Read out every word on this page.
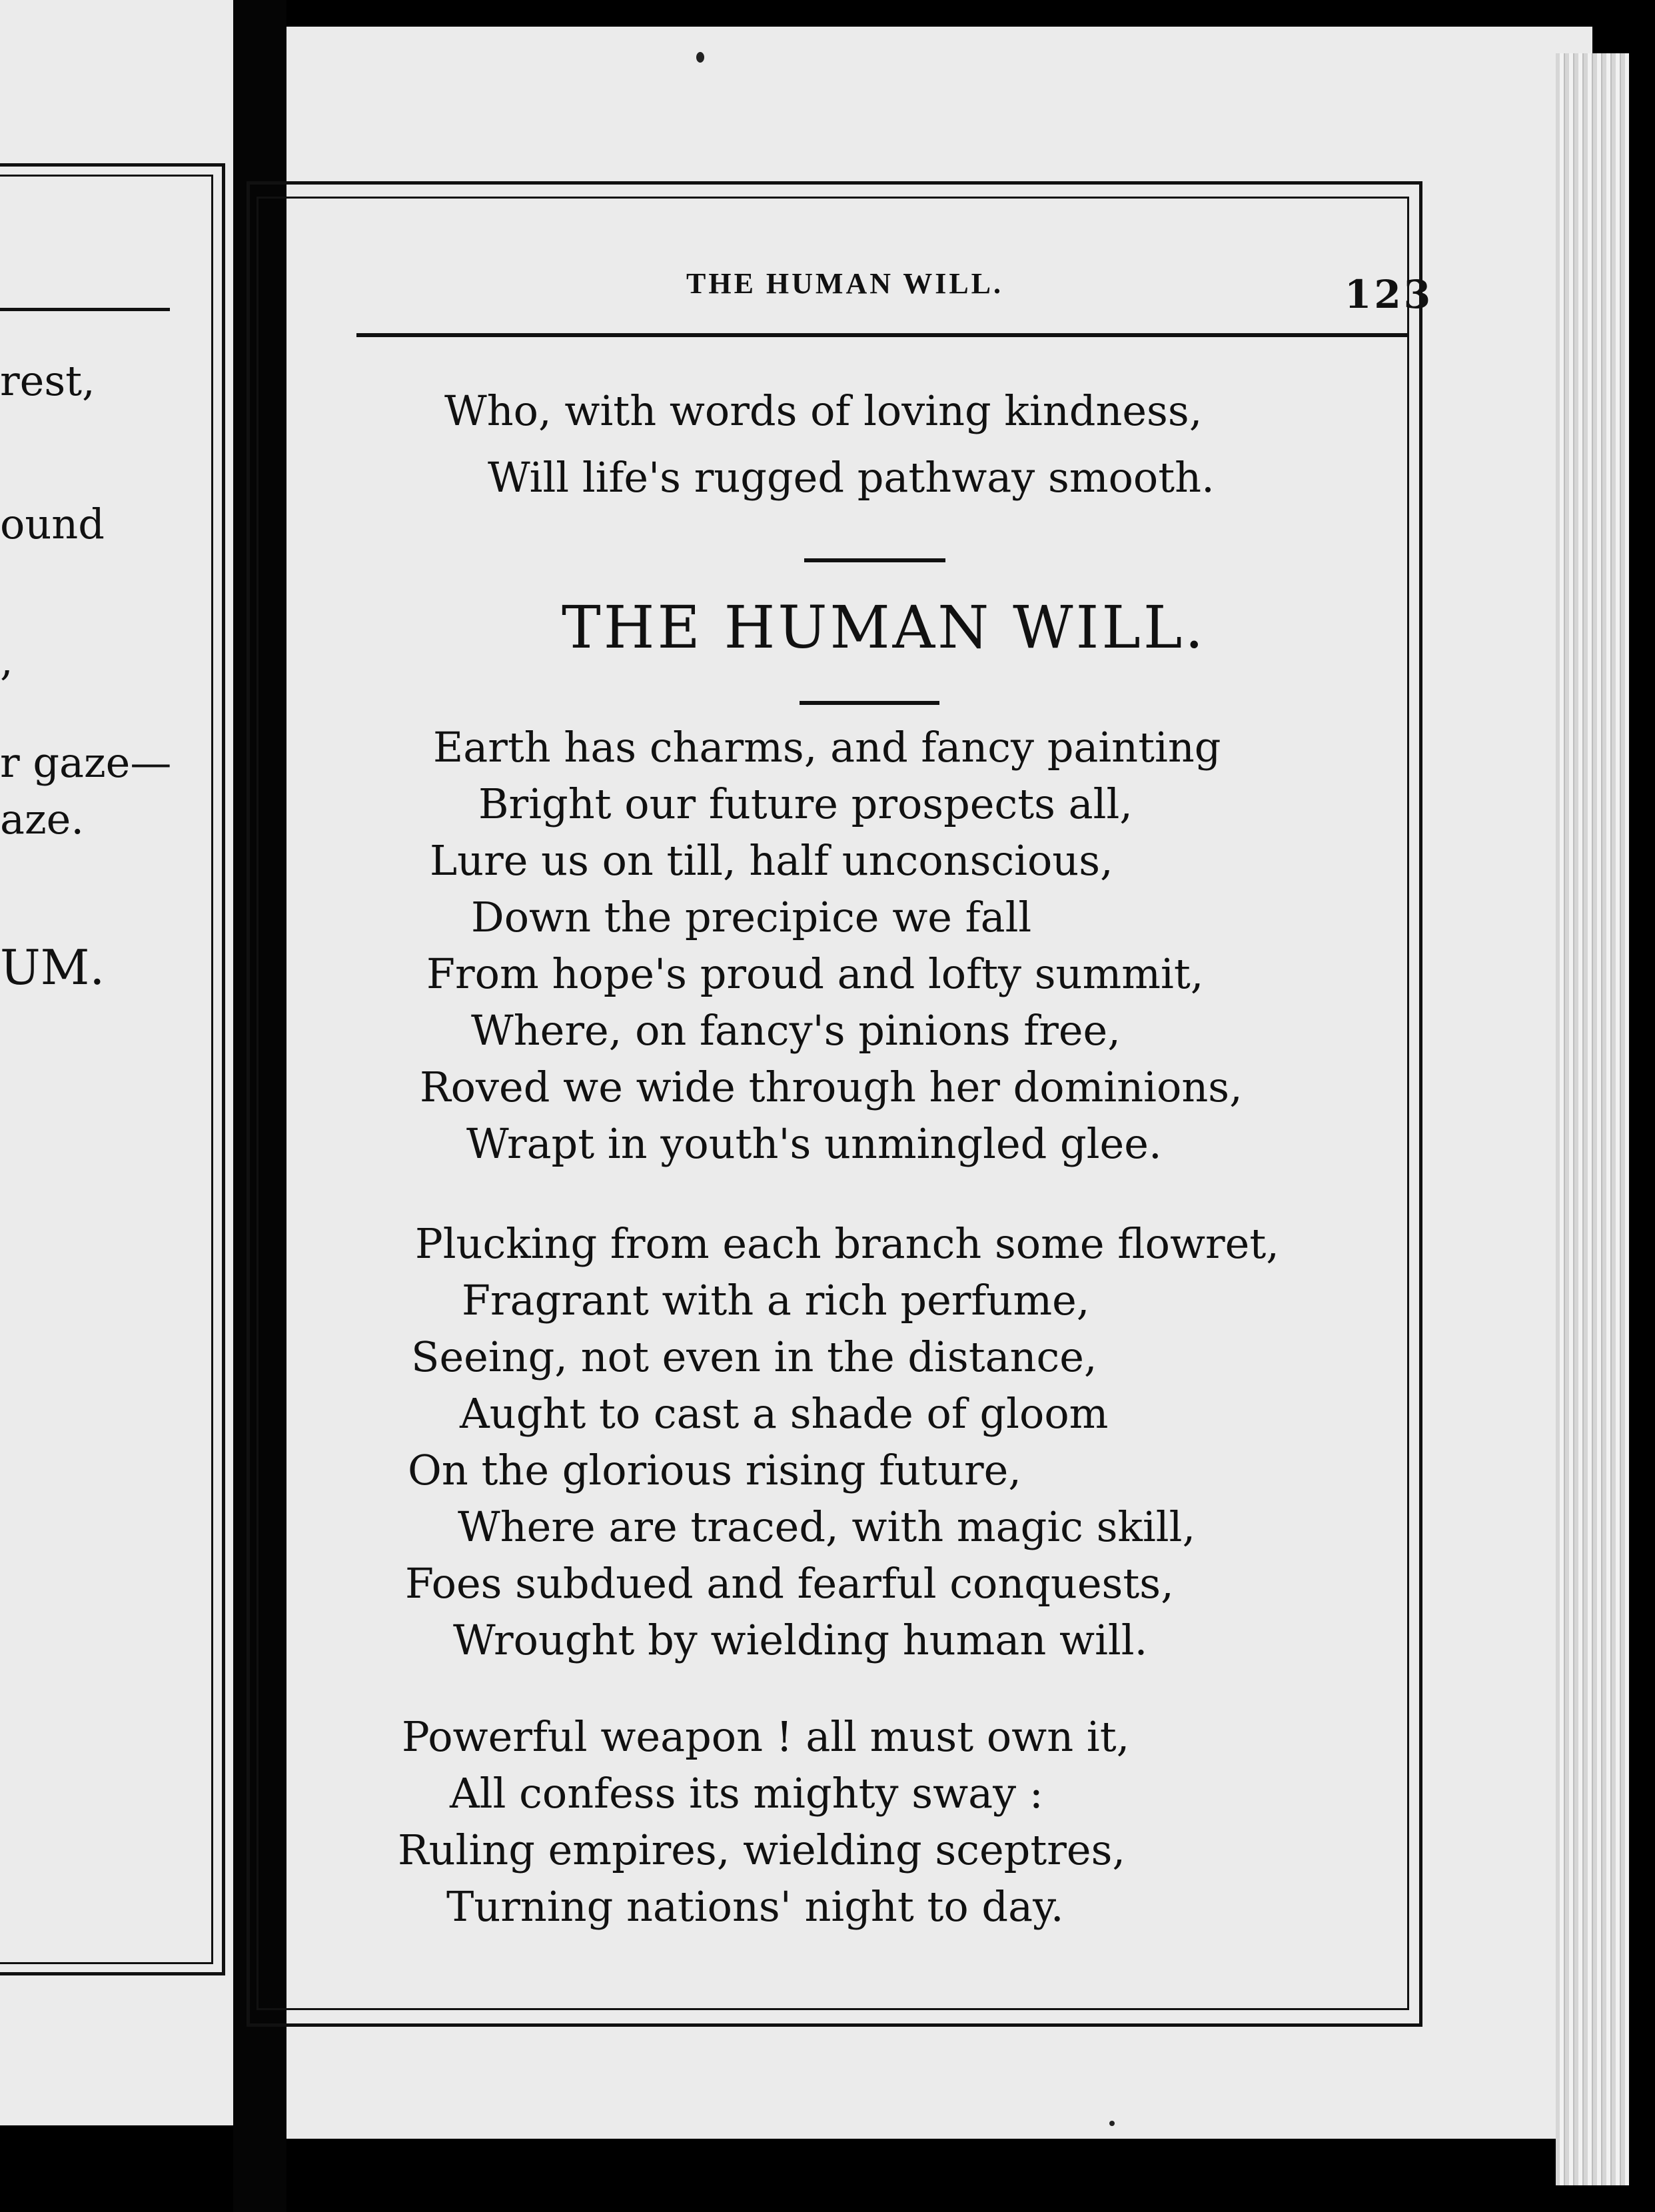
rest,
ound
,
r gaze—
aze.
UM.
THE HUMAN WILL.	123
Who, with words of loving kindness,
Will life's rugged pathway smooth.
THE HUMAN WILL.
Earth has charms, and fancy painting
Bright our future prospects all,
Lure us on till, half unconscious,
Down the precipice we fall
From hope's proud and lofty summit,
Where, on fancy's pinions free,
Roved we wide through her dominions,
Wrapt in youth's unmingled glee.
Plucking from each branch some flowret,
Fragrant with a rich perfume,
Seeing, not even in the distance,
Aught to cast a shade of gloom
On the glorious rising future,
Where are traced, with magic skill,
Foes subdued and fearful conquests,
Wrought by wielding human will.
Powerful weapon ! all must own it,
All confess its mighty sway :
Ruling empires, wielding sceptres,
Turning nations' night to day.
